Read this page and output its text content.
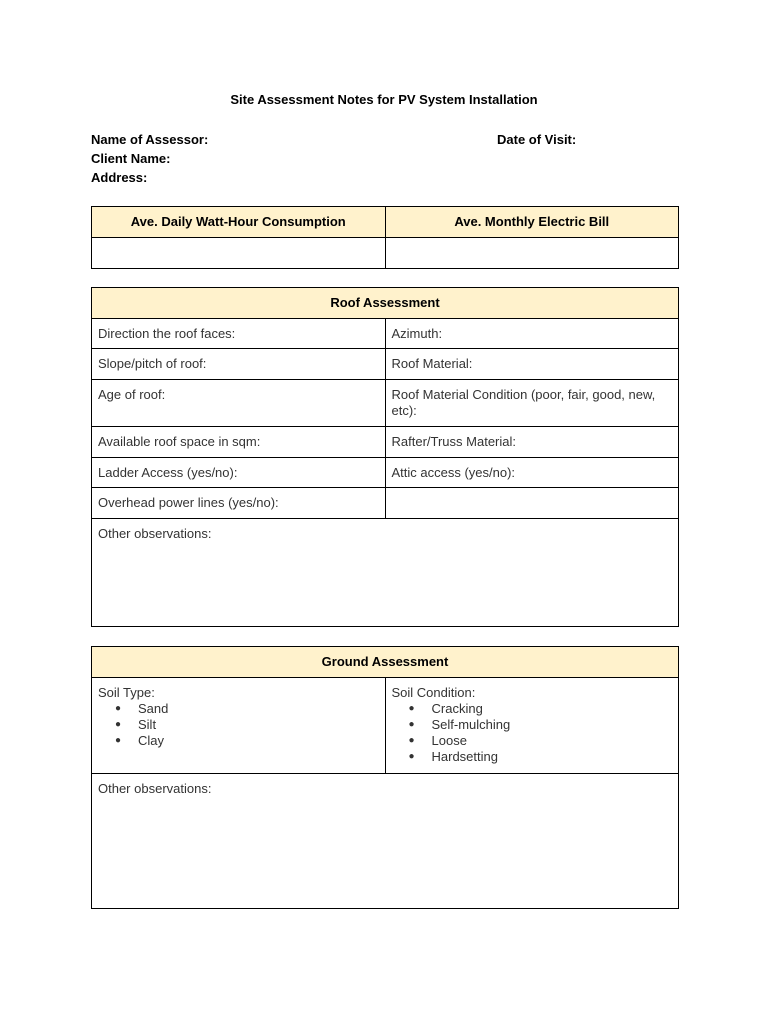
Site Assessment Notes for PV System Installation
Name of Assessor:
Client Name:
Address:
Date of Visit:
Ave. Daily Watt-Hour Consumption	Ave. Monthly Electric Bill

Roof Assessment	
Direction the roof faces:	Azimuth:
Slope/pitch of roof:	Roof Material:
Age of roof:	Roof Material Condition (poor, fair, good, new, etc):
Available roof space in sqm:	Rafter/Truss Material:
Ladder Access (yes/no):	Attic access (yes/no):
Overhead power lines (yes/no):	
Other observations:	
Ground Assessment

Soil Type:
● Sand
● Silt
● Clay

Soil Condition:
● Cracking
● Self-mulching
● Loose
● Hardsetting

Other observations:
